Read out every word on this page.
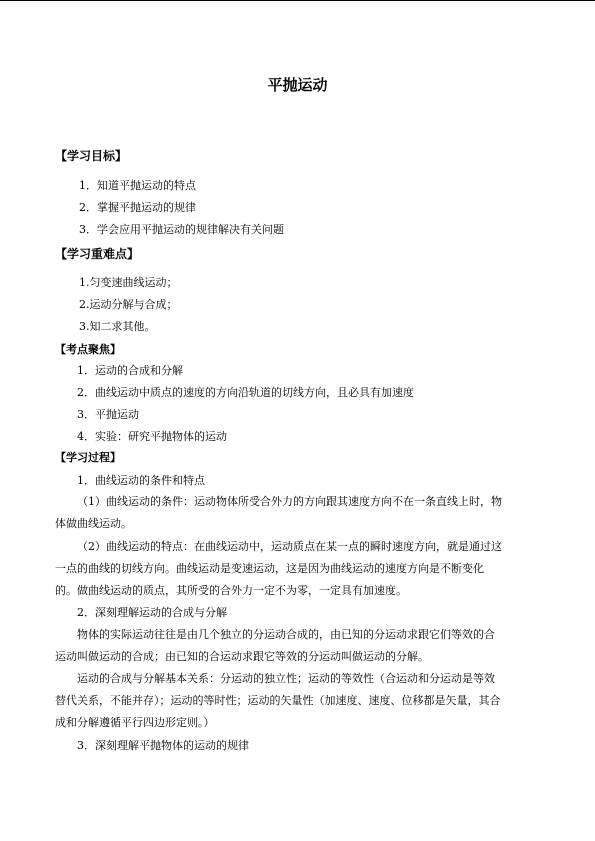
平抛运动
【学习目标】
1．知道平抛运动的特点
2．掌握平抛运动的规律
3．学会应用平抛运动的规律解决有关问题
【学习重难点】
1.匀变速曲线运动；
2.运动分解与合成；
3.知二求其他。
【考点聚焦】
1．运动的合成和分解
2．曲线运动中质点的速度的方向沿轨道的切线方向，且必具有加速度
3．平抛运动
4．实验：研究平抛物体的运动
【学习过程】
1．曲线运动的条件和特点
（1）曲线运动的条件：运动物体所受合外力的方向跟其速度方向不在一条直线上时，物
体做曲线运动。
（2）曲线运动的特点：在曲线运动中，运动质点在某一点的瞬时速度方向，就是通过这
一点的曲线的切线方向。曲线运动是变速运动，这是因为曲线运动的速度方向是不断变化
的。做曲线运动的质点，其所受的合外力一定不为零，一定具有加速度。
2．深刻理解运动的合成与分解
物体的实际运动往往是由几个独立的分运动合成的，由已知的分运动求跟它们等效的合
运动叫做运动的合成；由已知的合运动求跟它等效的分运动叫做运动的分解。
运动的合成与分解基本关系：分运动的独立性；运动的等效性（合运动和分运动是等效
替代关系，不能并存）；运动的等时性；运动的矢量性（加速度、速度、位移都是矢量，其合
成和分解遵循平行四边形定则。）
3．深刻理解平抛物体的运动的规律
